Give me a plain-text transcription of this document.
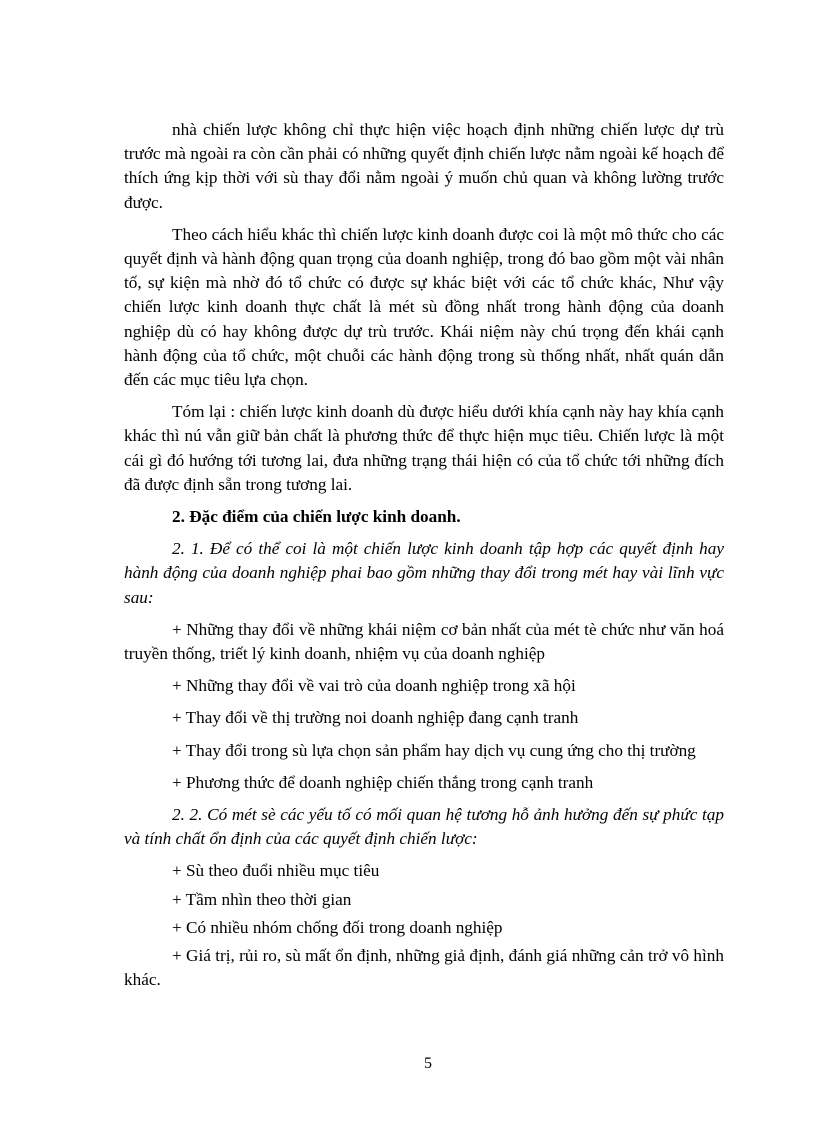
nhà chiến lược không chỉ thực hiện việc hoạch định những chiến lược dự trù trước mà ngoài ra còn cần phải có những quyết định chiến lược nằm ngoài kế hoạch để thích ứng kịp thời với sù thay đổi nằm ngoài ý muốn chủ quan và không lường trước được.

Theo cách hiểu khác thì chiến lược kinh doanh được coi là một mô thức cho các quyết định và hành động quan trọng của doanh nghiệp, trong đó bao gồm một vài nhân tố, sự kiện mà nhờ đó tổ chức có được sự khác biệt với các tổ chức khác, Như vậy chiến lược kinh doanh thực chất là mét sù đồng nhất trong hành động của doanh nghiệp dù có hay không được dự trù trước. Khái niệm này chú trọng đến khái cạnh hành động của tổ chức, một chuỗi các hành động trong sù thống nhất, nhất quán dẫn đến các mục tiêu lựa chọn.

Tóm lại : chiến lược kinh doanh dù được hiểu dưới khía cạnh này hay khía cạnh khác thì nú vẫn giữ bản chất là phương thức để thực hiện mục tiêu. Chiến lược là một cái gì đó hướng tới tương lai, đưa những trạng thái hiện có của tổ chức tới những đích đã được định sẵn trong tương lai.

2. Đặc điểm của chiến lược kinh doanh.

2. 1. Để có thể coi là một chiến lược kinh doanh tập hợp các quyết định hay hành động của doanh nghiệp phai bao gồm những thay đổi trong mét hay vài lĩnh vực sau:

+ Những thay đổi về những khái niệm cơ bản nhất của mét tè chức như văn hoá truyền thống, triết lý kinh doanh, nhiệm vụ của doanh nghiệp

+ Những thay đổi về vai trò của doanh nghiệp trong xã hội

+ Thay đổi về thị trường noi doanh nghiệp đang cạnh tranh

+ Thay đổi trong sù lựa chọn sản phẩm hay dịch vụ cung ứng cho thị trường

+ Phương thức để doanh nghiệp chiến thắng trong cạnh tranh

2. 2. Có mét sè các yếu tố có mối quan hệ tương hỗ ảnh hưởng đến sự phức tạp và tính chất ổn định của các quyết định chiến lược:

+ Sù theo đuổi nhiều mục tiêu

+ Tầm nhìn theo thời gian

+ Có nhiều nhóm chống đối trong doanh nghiệp

+ Giá trị, rủi ro, sù mất ổn định, những giả định, đánh giá những cản trở vô hình khác.

5
